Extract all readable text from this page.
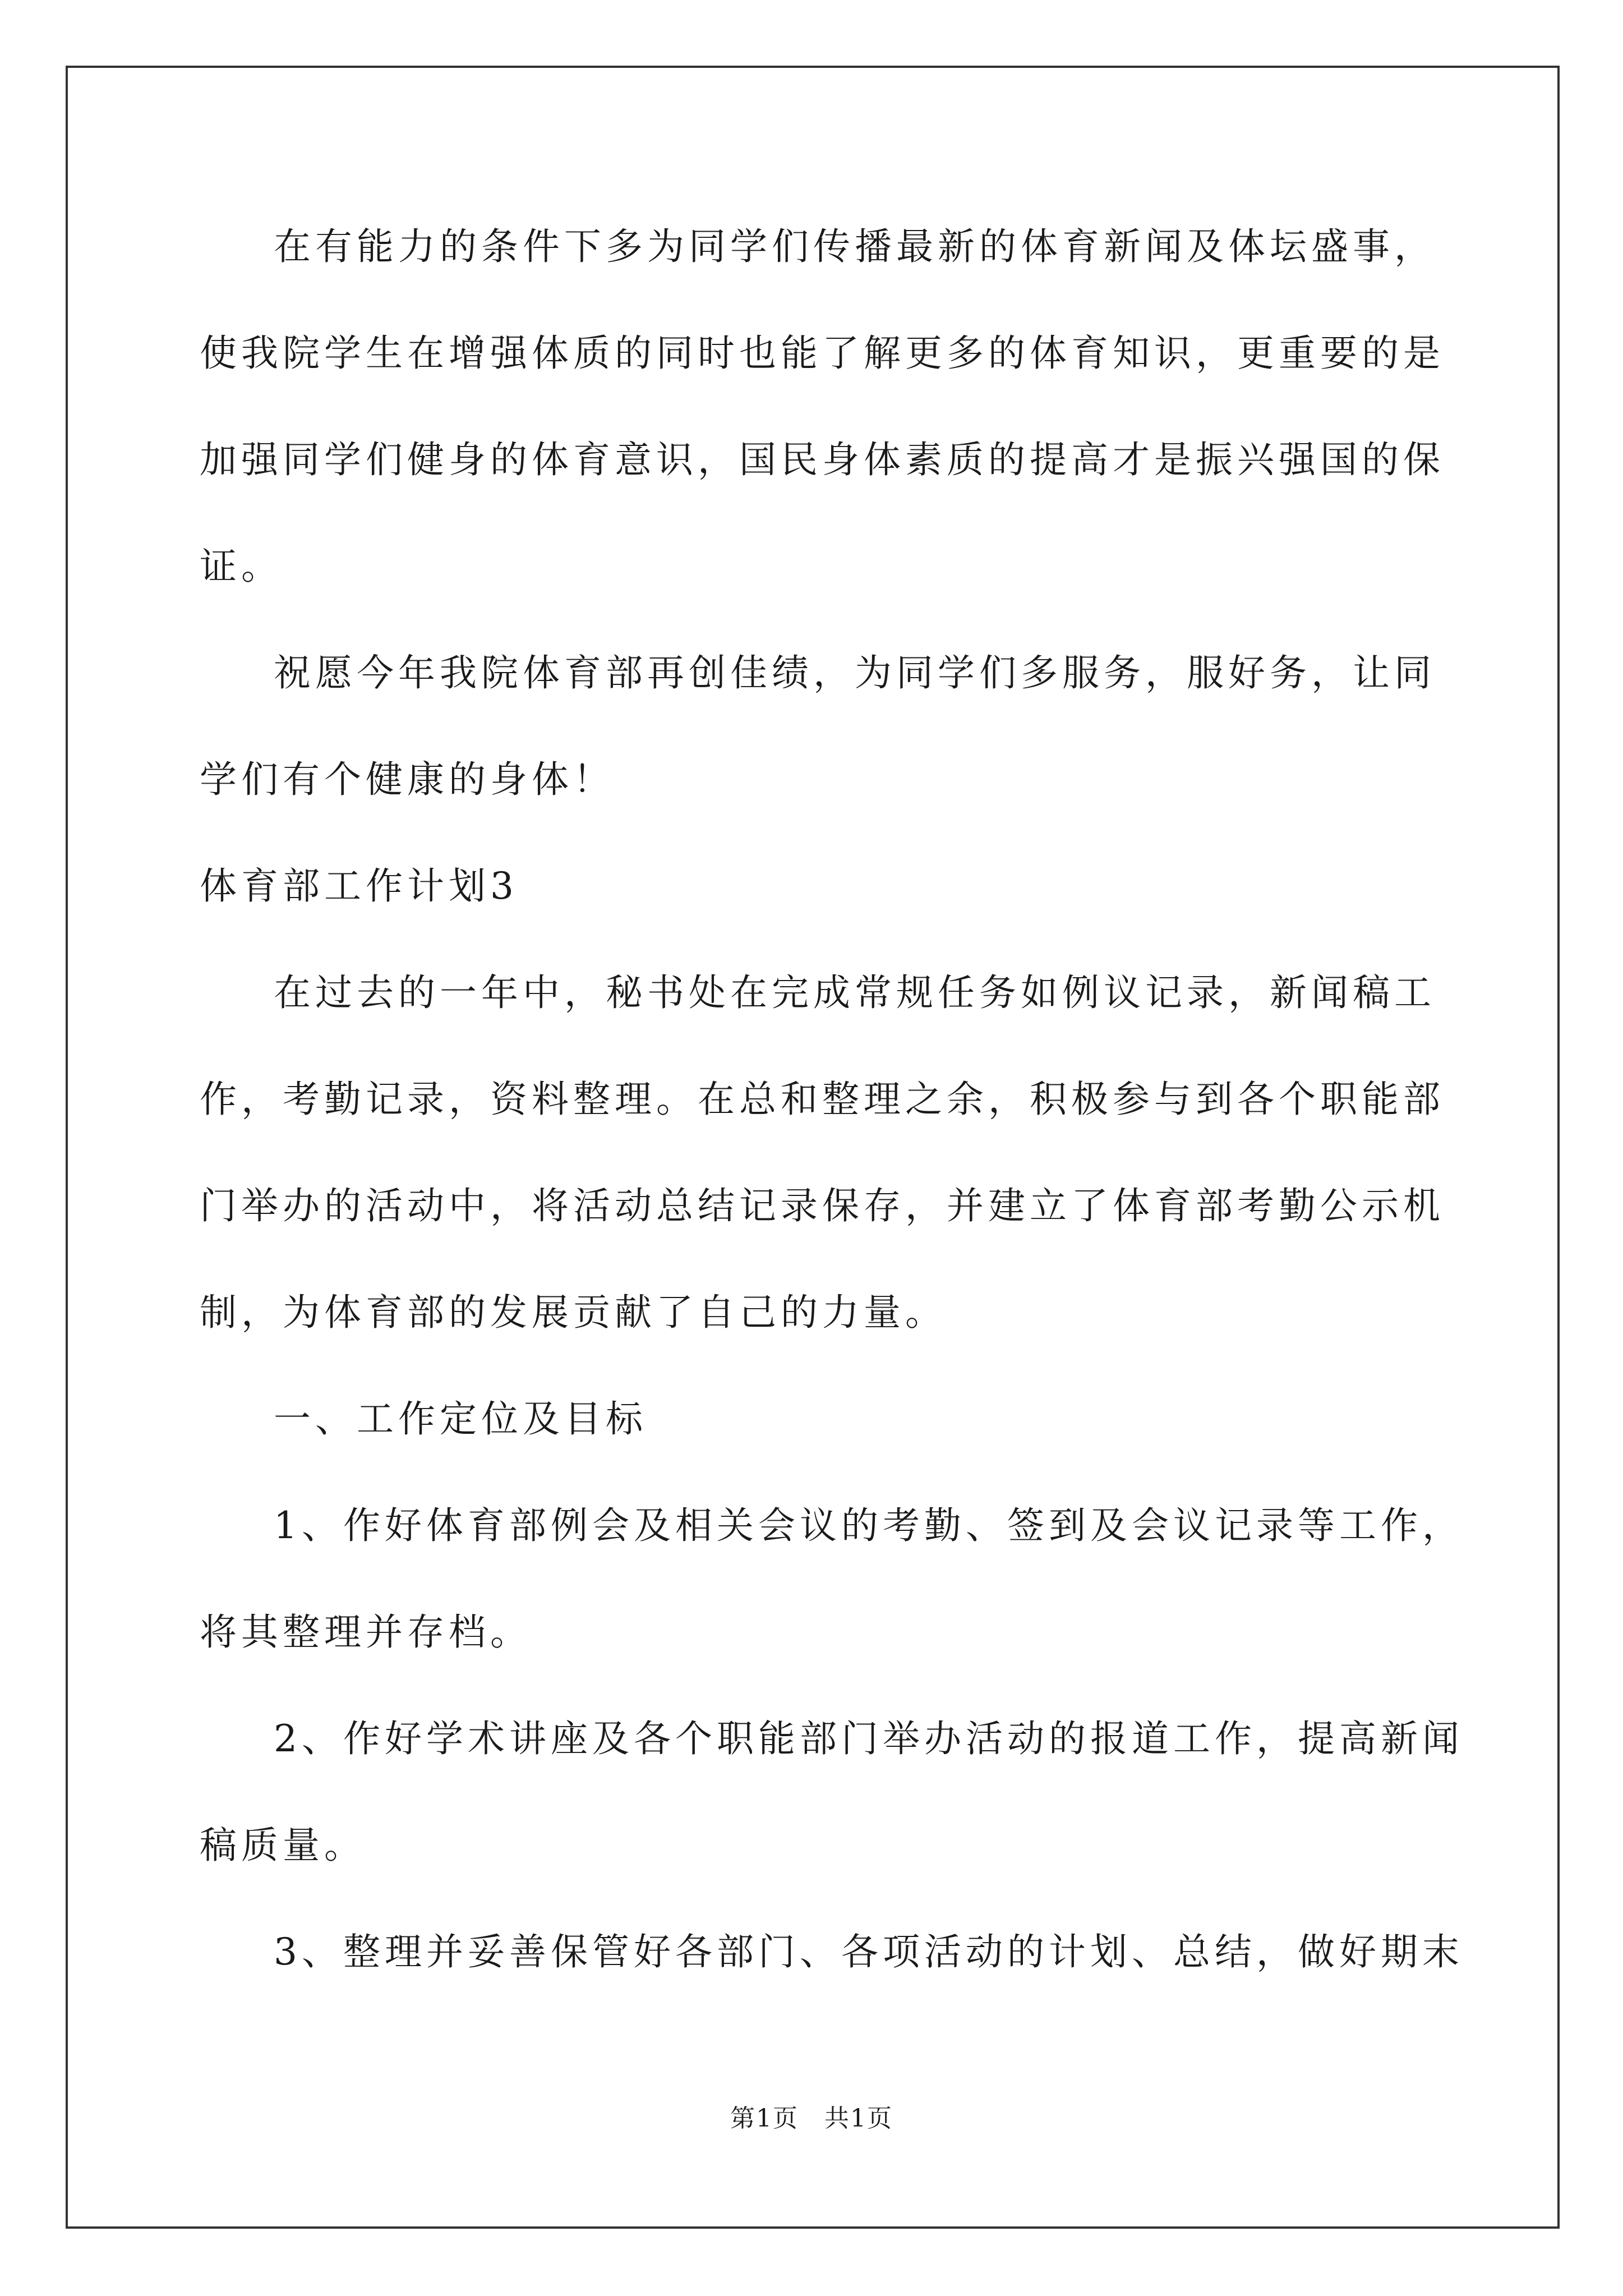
在有能力的条件下多为同学们传播最新的体育新闻及体坛盛事，
使我院学生在增强体质的同时也能了解更多的体育知识，更重要的是
加强同学们健身的体育意识，国民身体素质的提高才是振兴强国的保
证。
祝愿今年我院体育部再创佳绩，为同学们多服务，服好务，让同
学们有个健康的身体！
体育部工作计划3
在过去的一年中，秘书处在完成常规任务如例议记录，新闻稿工
作，考勤记录，资料整理。在总和整理之余，积极参与到各个职能部
门举办的活动中，将活动总结记录保存，并建立了体育部考勤公示机
制，为体育部的发展贡献了自己的力量。
一、工作定位及目标
1、作好体育部例会及相关会议的考勤、签到及会议记录等工作，
将其整理并存档。
2、作好学术讲座及各个职能部门举办活动的报道工作，提高新闻
稿质量。
3、整理并妥善保管好各部门、各项活动的计划、总结，做好期末
第1页　共1页
